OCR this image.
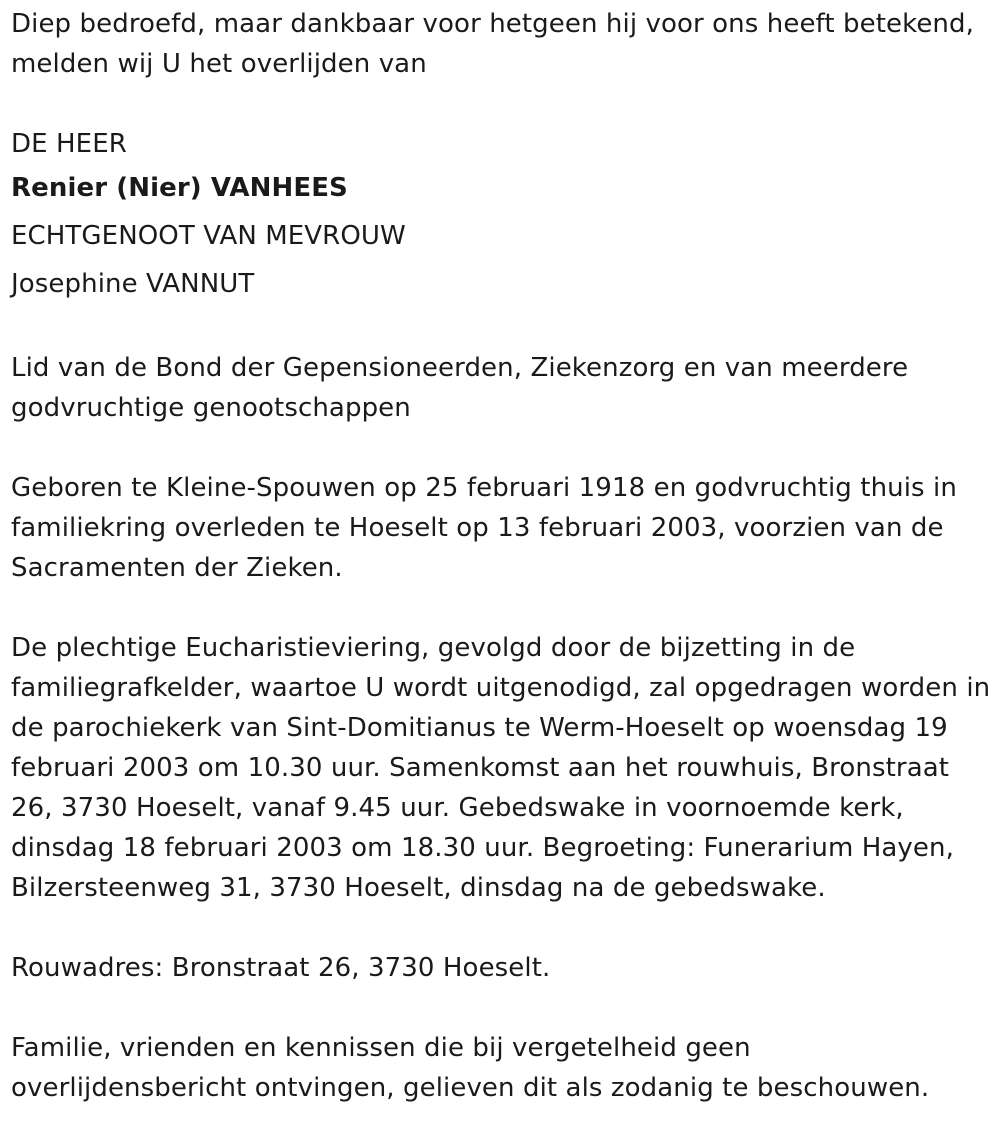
Diep bedroefd, maar dankbaar voor hetgeen hij voor ons heeft betekend, melden wij U het overlijden van

DE HEER

Renier (Nier) VANHEES

ECHTGENOOT VAN MEVROUW

Josephine VANNUT

Lid van de Bond der Gepensioneerden, Ziekenzorg en van meerdere godvruchtige genootschappen

Geboren te Kleine-Spouwen op 25 februari 1918 en godvruchtig thuis in familiekring overleden te Hoeselt op 13 februari 2003, voorzien van de Sacramenten der Zieken.

De plechtige Eucharistieviering, gevolgd door de bijzetting in de familiegrafkelder, waartoe U wordt uitgenodigd, zal opgedragen worden in de parochiekerk van Sint-Domitianus te Werm-Hoeselt op woensdag 19 februari 2003 om 10.30 uur. Samenkomst aan het rouwhuis, Bronstraat 26, 3730 Hoeselt, vanaf 9.45 uur. Gebedswake in voornoemde kerk, dinsdag 18 februari 2003 om 18.30 uur. Begroeting: Funerarium Hayen, Bilzersteenweg 31, 3730 Hoeselt, dinsdag na de gebedswake.

Rouwadres: Bronstraat 26, 3730 Hoeselt.

Familie, vrienden en kennissen die bij vergetelheid geen overlijdensbericht ontvingen, gelieven dit als zodanig te beschouwen.
